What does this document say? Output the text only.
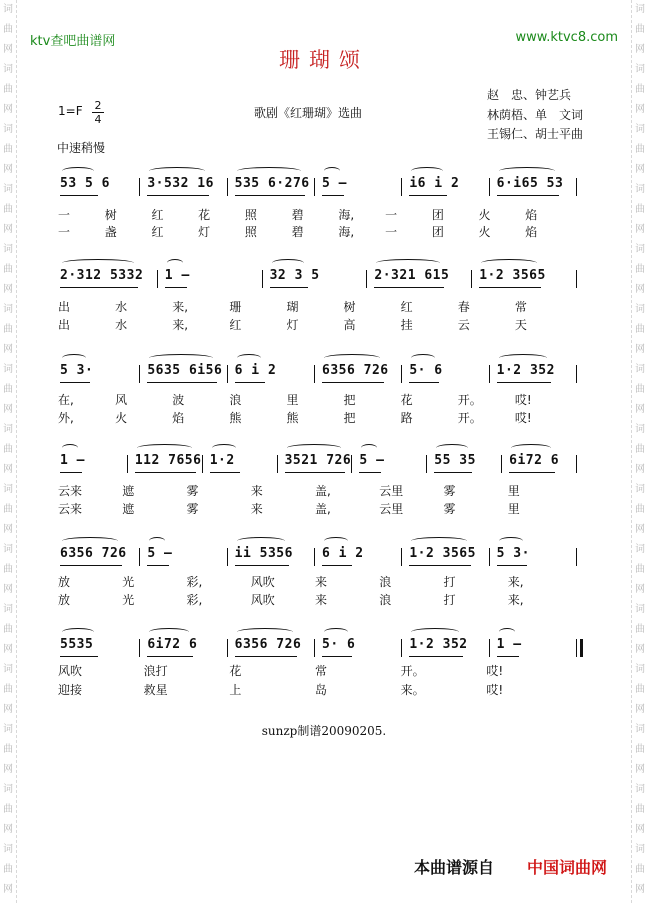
词
曲
网
词
曲
网
词
曲
网
词
曲
网
词
曲
网
词
曲
网
词
曲
网
词
曲
网
词
曲
网
词
曲
网
词
曲
网
词
曲
网
词
曲
网
词
曲
网
词
曲
网
词
曲
网
词
曲
网
词
曲
网
词
曲
网
词
曲
网
词
曲
网
词
曲
网
词
曲
网
词
曲
网
词
曲
网
词
曲
网
词
曲
网
词
曲
网
词
曲
网
词
曲
网
ktv查吧曲谱网	www.ktvc8.com
珊瑚颂
1=F 2
4	歌剧《红珊瑚》选曲
赵　忠、钟艺兵
林荫梧、单　文词
王锡仁、胡士平曲
中速稍慢
53 5 6	3·532 16 535 6·276 5 –	i6 i 2	6·i65 53
一	树	红	花	照	碧	海,	一	团	火	焰
一	盏	红	灯	照	碧	海,	一	团	火	焰
2·312 5332 1 –	32 3 5	2·321 615 1·2 3565
出	水	来,	珊	瑚	树	红	春	常
出	水	来,	红	灯	高	挂	云	天
5 3·	5635 6i56 6 i 2	6356 726 5· 6	1·2 352
在,	风	波	浪	里	把	花	开。	哎!
外,	火	焰	熊	熊	把	路	开。	哎!
1 –	112 7656 1·2	3521 726 5 –	55 35	6i72 6
云来	遮	雾	来	盖,	云里	雾	里
云来	遮	雾	来	盖,	云里	雾	里
6356 726 5 –	ii 5356 6 i 2	1·2 3565 5 3·
放	光	彩,	风吹	来	浪	打	来,
放	光	彩,	风吹	来	浪	打	来,
5535	6i72 6	6356 726 5· 6	1·2 352 1 –
风吹	浪打	花	常	开。	哎!
迎接	救星	上	岛	来。	哎!
sunzp制谱20090205.
本曲谱源自 中国词曲网
